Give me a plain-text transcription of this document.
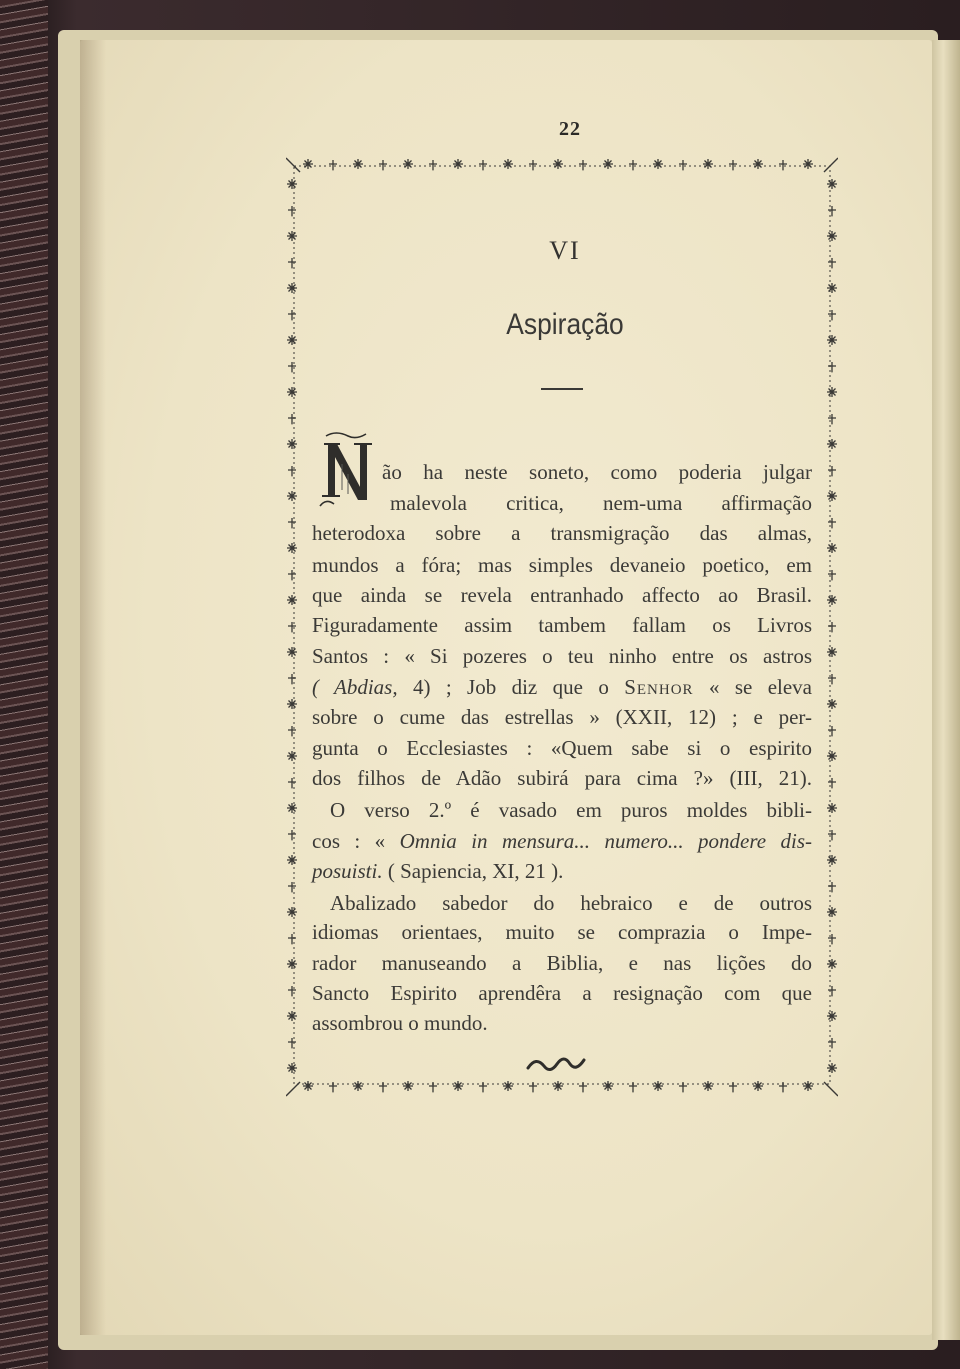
22
VI
Aspiração
ão ha neste soneto, como poderia julgar
malevola critica, nem-uma affirmação
heterodoxa sobre a transmigração das almas,
mundos a fóra; mas simples devaneio poetico, em
que ainda se revela entranhado affecto ao Brasil.
Figuradamente assim tambem fallam os Livros
Santos : « Si pozeres o teu ninho entre os astros
( Abdias, 4) ; Job diz que o Senhor « se eleva
sobre o cume das estrellas » (XXII, 12) ; e per-
gunta o Ecclesiastes : «Quem sabe si o espirito
dos filhos de Adão subirá para cima ?» (III, 21).
O verso 2.º é vasado em puros moldes bibli-
cos : « Omnia in mensura... numero... pondere dis-
posuisti. ( Sapiencia, XI, 21 ).
Abalizado sabedor do hebraico e de outros
idiomas orientaes, muito se comprazia o Impe-
rador manuseando a Biblia, e nas lições do
Sancto Espirito aprendêra a resignação com que
assombrou o mundo.
